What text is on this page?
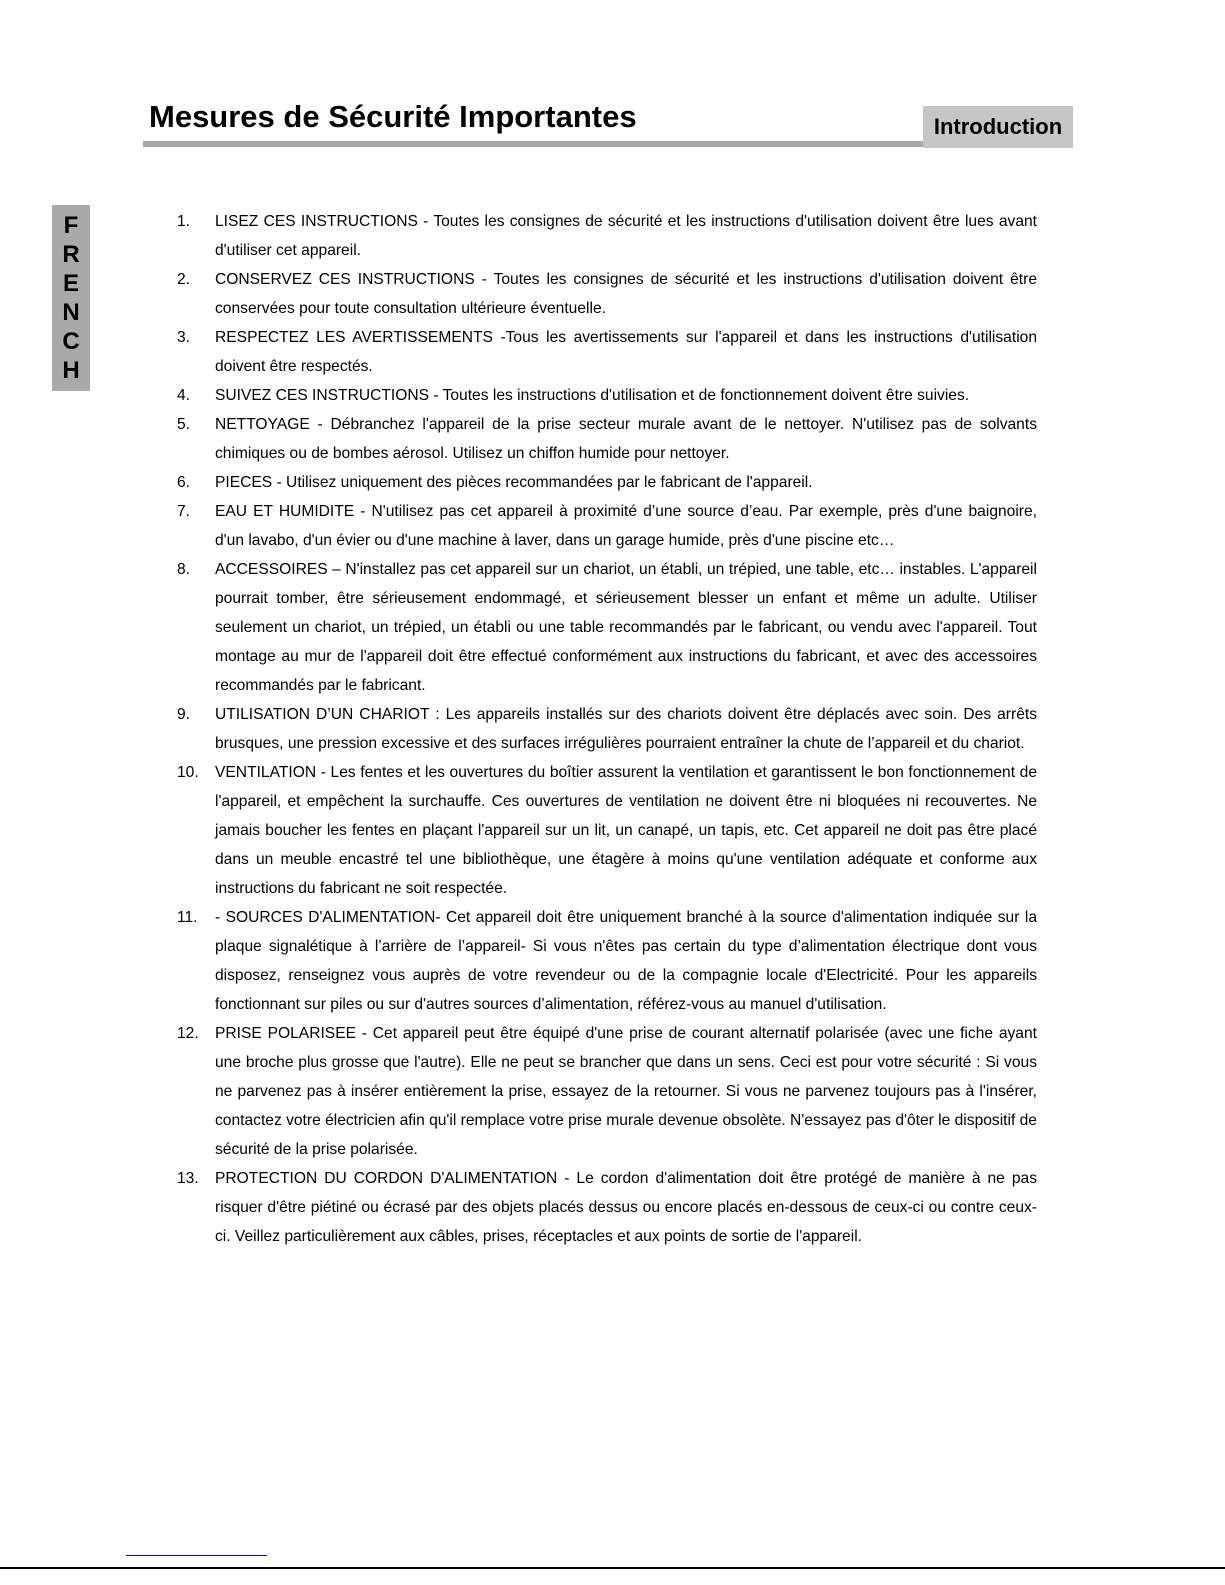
Mesures de Sécurité Importantes	Introduction
F
R
E
N
C
H
1.	LISEZ CES INSTRUCTIONS - Toutes les consignes de sécurité et les instructions d'utilisation doivent être lues avant d'utiliser cet appareil.
2.	CONSERVEZ CES INSTRUCTIONS - Toutes les consignes de sécurité et les instructions d'utilisation doivent être conservées pour toute consultation ultérieure éventuelle.
3.	RESPECTEZ LES AVERTISSEMENTS -Tous les avertissements sur l'appareil et dans les instructions d'utilisation doivent être respectés.
4.	SUIVEZ CES INSTRUCTIONS - Toutes les instructions d'utilisation et de fonctionnement doivent être suivies.
5.	NETTOYAGE - Débranchez l'appareil de la prise secteur murale avant de le nettoyer. N'utilisez pas de solvants chimiques ou de bombes aérosol. Utilisez un chiffon humide pour nettoyer.
6.	PIECES - Utilisez uniquement des pièces recommandées par le fabricant de l'appareil.
7.	EAU ET HUMIDITE - N'utilisez pas cet appareil à proximité d’une source d’eau. Par exemple, près d'une baignoire, d'un lavabo, d'un évier ou d'une machine à laver, dans un garage humide, près d'une piscine etc…
8.	ACCESSOIRES – N'installez pas cet appareil sur un chariot, un établi, un trépied, une table, etc… instables. L'appareil pourrait tomber, être sérieusement endommagé, et sérieusement blesser un enfant et même un adulte. Utiliser seulement un chariot, un trépied, un établi ou une table recommandés par le fabricant, ou vendu avec l'appareil. Tout montage au mur de l'appareil doit être effectué conformément aux instructions du fabricant, et avec des accessoires recommandés par le fabricant.
9.	UTILISATION D’UN CHARIOT : Les appareils installés sur des chariots doivent être déplacés avec soin. Des arrêts brusques, une pression excessive et des surfaces irrégulières pourraient entraîner la chute de l’appareil et du chariot.
10.	VENTILATION - Les fentes et les ouvertures du boîtier assurent la ventilation et garantissent le bon fonctionnement de l'appareil, et empêchent la surchauffe. Ces ouvertures de ventilation ne doivent être ni bloquées ni recouvertes. Ne jamais boucher les fentes en plaçant l'appareil sur un lit, un canapé, un tapis, etc. Cet appareil ne doit pas être placé dans un meuble encastré tel une bibliothèque, une étagère à moins qu'une ventilation adéquate et conforme aux instructions du fabricant ne soit respectée.
11.	- SOURCES D'ALIMENTATION- Cet appareil doit être uniquement branché à la source d'alimentation indiquée sur la plaque signalétique à l’arrière de l’appareil- Si vous n'êtes pas certain du type d’alimentation électrique dont vous disposez, renseignez vous auprès de votre revendeur ou de la compagnie locale d'Electricité. Pour les appareils fonctionnant sur piles ou sur d'autres sources d’alimentation, référez-vous au manuel d'utilisation.
12.	PRISE POLARISEE - Cet appareil peut être équipé d'une prise de courant alternatif polarisée (avec une fiche ayant une broche plus grosse que l'autre). Elle ne peut se brancher que dans un sens. Ceci est pour votre sécurité : Si vous ne parvenez pas à insérer entièrement la prise, essayez de la retourner. Si vous ne parvenez toujours pas à l'insérer, contactez votre électricien afin qu'il remplace votre prise murale devenue obsolète. N'essayez pas d'ôter le dispositif de sécurité de la prise polarisée.
13.	PROTECTION DU CORDON D'ALIMENTATION - Le cordon d'alimentation doit être protégé de manière à ne pas risquer d'être piétiné ou écrasé par des objets placés dessus ou encore placés en-dessous de ceux-ci ou contre ceux-ci. Veillez particulièrement aux câbles, prises, réceptacles et aux points de sortie de l'appareil.
